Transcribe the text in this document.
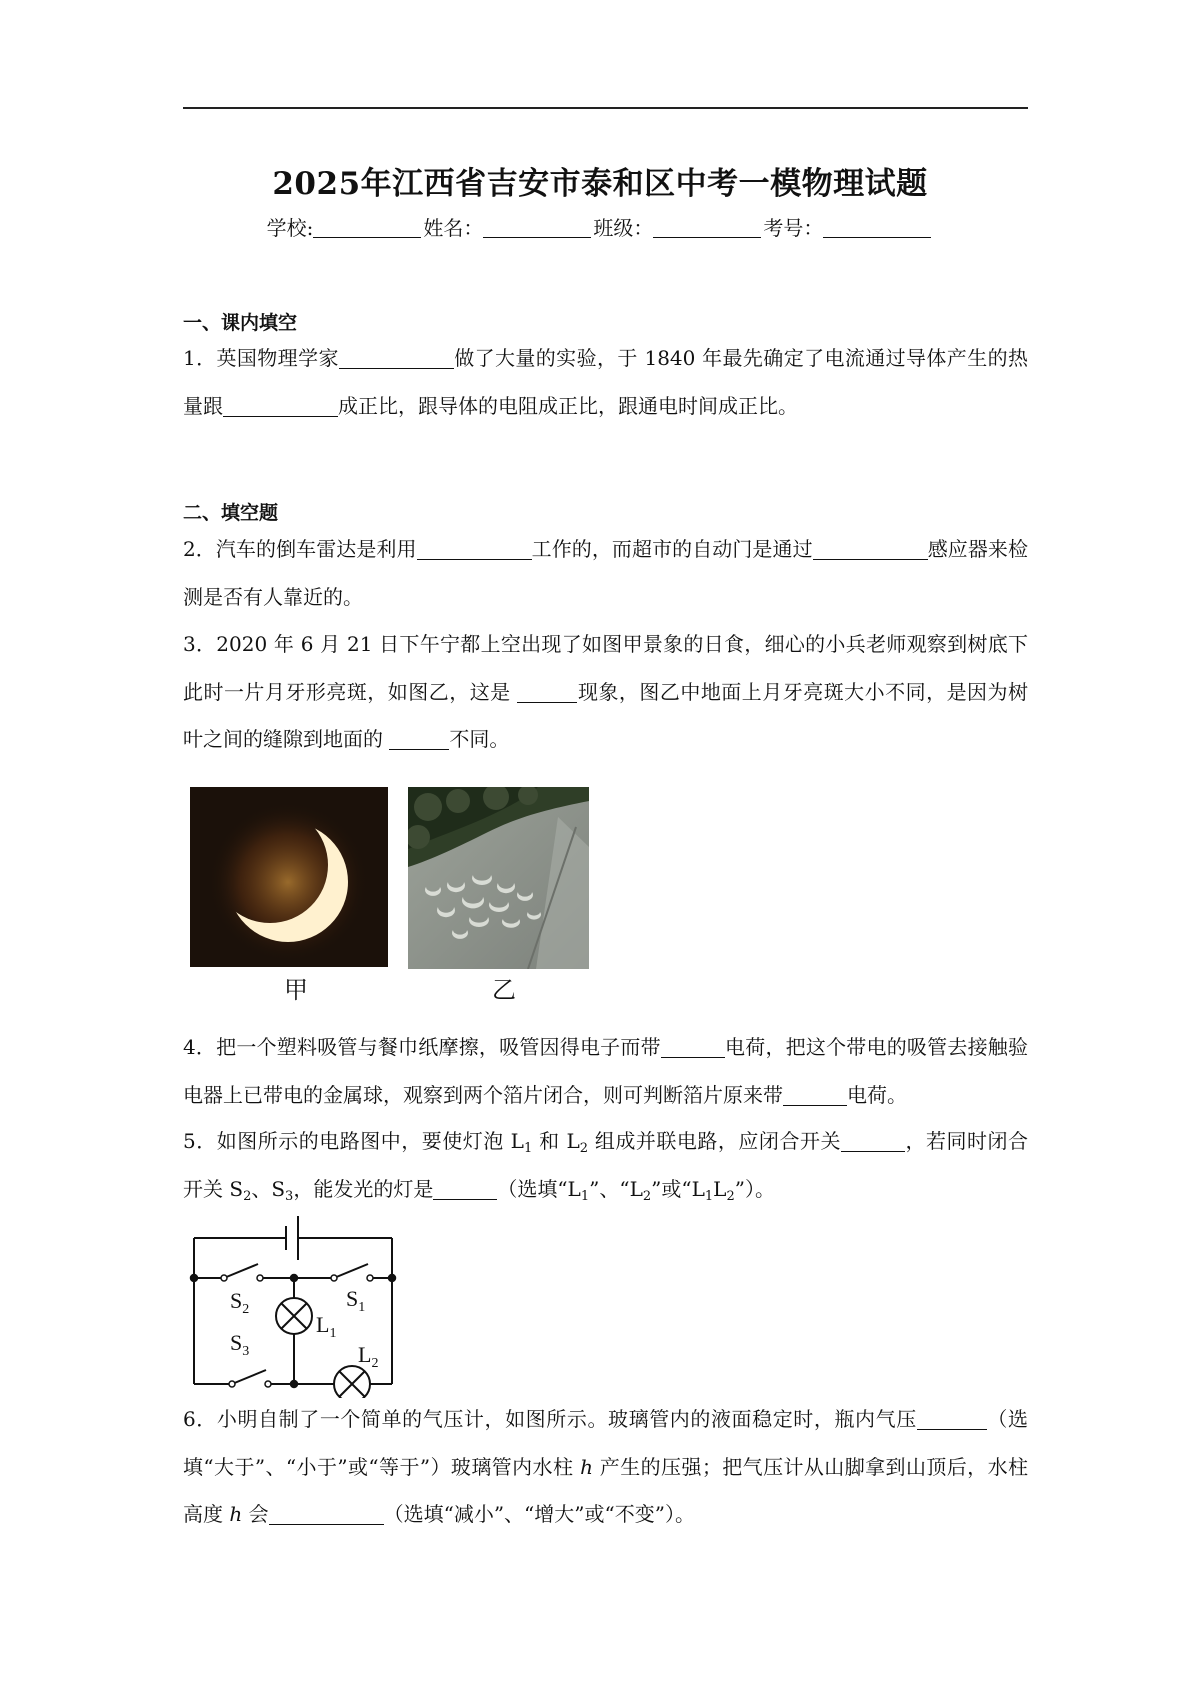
2025年江西省吉安市泰和区中考一模物理试题
学校:	姓名：	班级：	考号：
一、课内填空
1．英国物理学家	做了大量的实验，于 1840 年最先确定了电流通过导体产生的热量跟	成正比，跟导体的电阻成正比，跟通电时间成正比。
二、填空题
2．汽车的倒车雷达是利用	工作的，而超市的自动门是通过	感应器来检测是否有人靠近的。
3．2020 年 6 月 21 日下午宁都上空出现了如图甲景象的日食，细心的小兵老师观察到树底下此时一片月牙形亮斑，如图乙，这是	现象，图乙中地面上月牙亮斑大小不同，是因为树叶之间的缝隙到地面的	不同。
甲	乙
4．把一个塑料吸管与餐巾纸摩擦，吸管因得电子而带	电荷，把这个带电的吸管去接触验电器上已带电的金属球，观察到两个箔片闭合，则可判断箔片原来带	电荷。
5．如图所示的电路图中，要使灯泡 $L_1$ 和 $L_2$ 组成并联电路，应闭合开关	，若同时闭合开关 $S_2$、$S_3$，能发光的灯是	（选填“$L_1$”、“$L_2$”或“$L_1L_2$”）。
$S_2$	$S_1$
$S_3$
$L_1$
$L_2$
6．小明自制了一个简单的气压计，如图所示。玻璃管内的液面稳定时，瓶内气压	（选填“大于”、“小于”或“等于”）玻璃管内水柱 h 产生的压强；把气压计从山脚拿到山顶后，水柱高度 h 会	（选填“减小”、“增大”或“不变”）。
